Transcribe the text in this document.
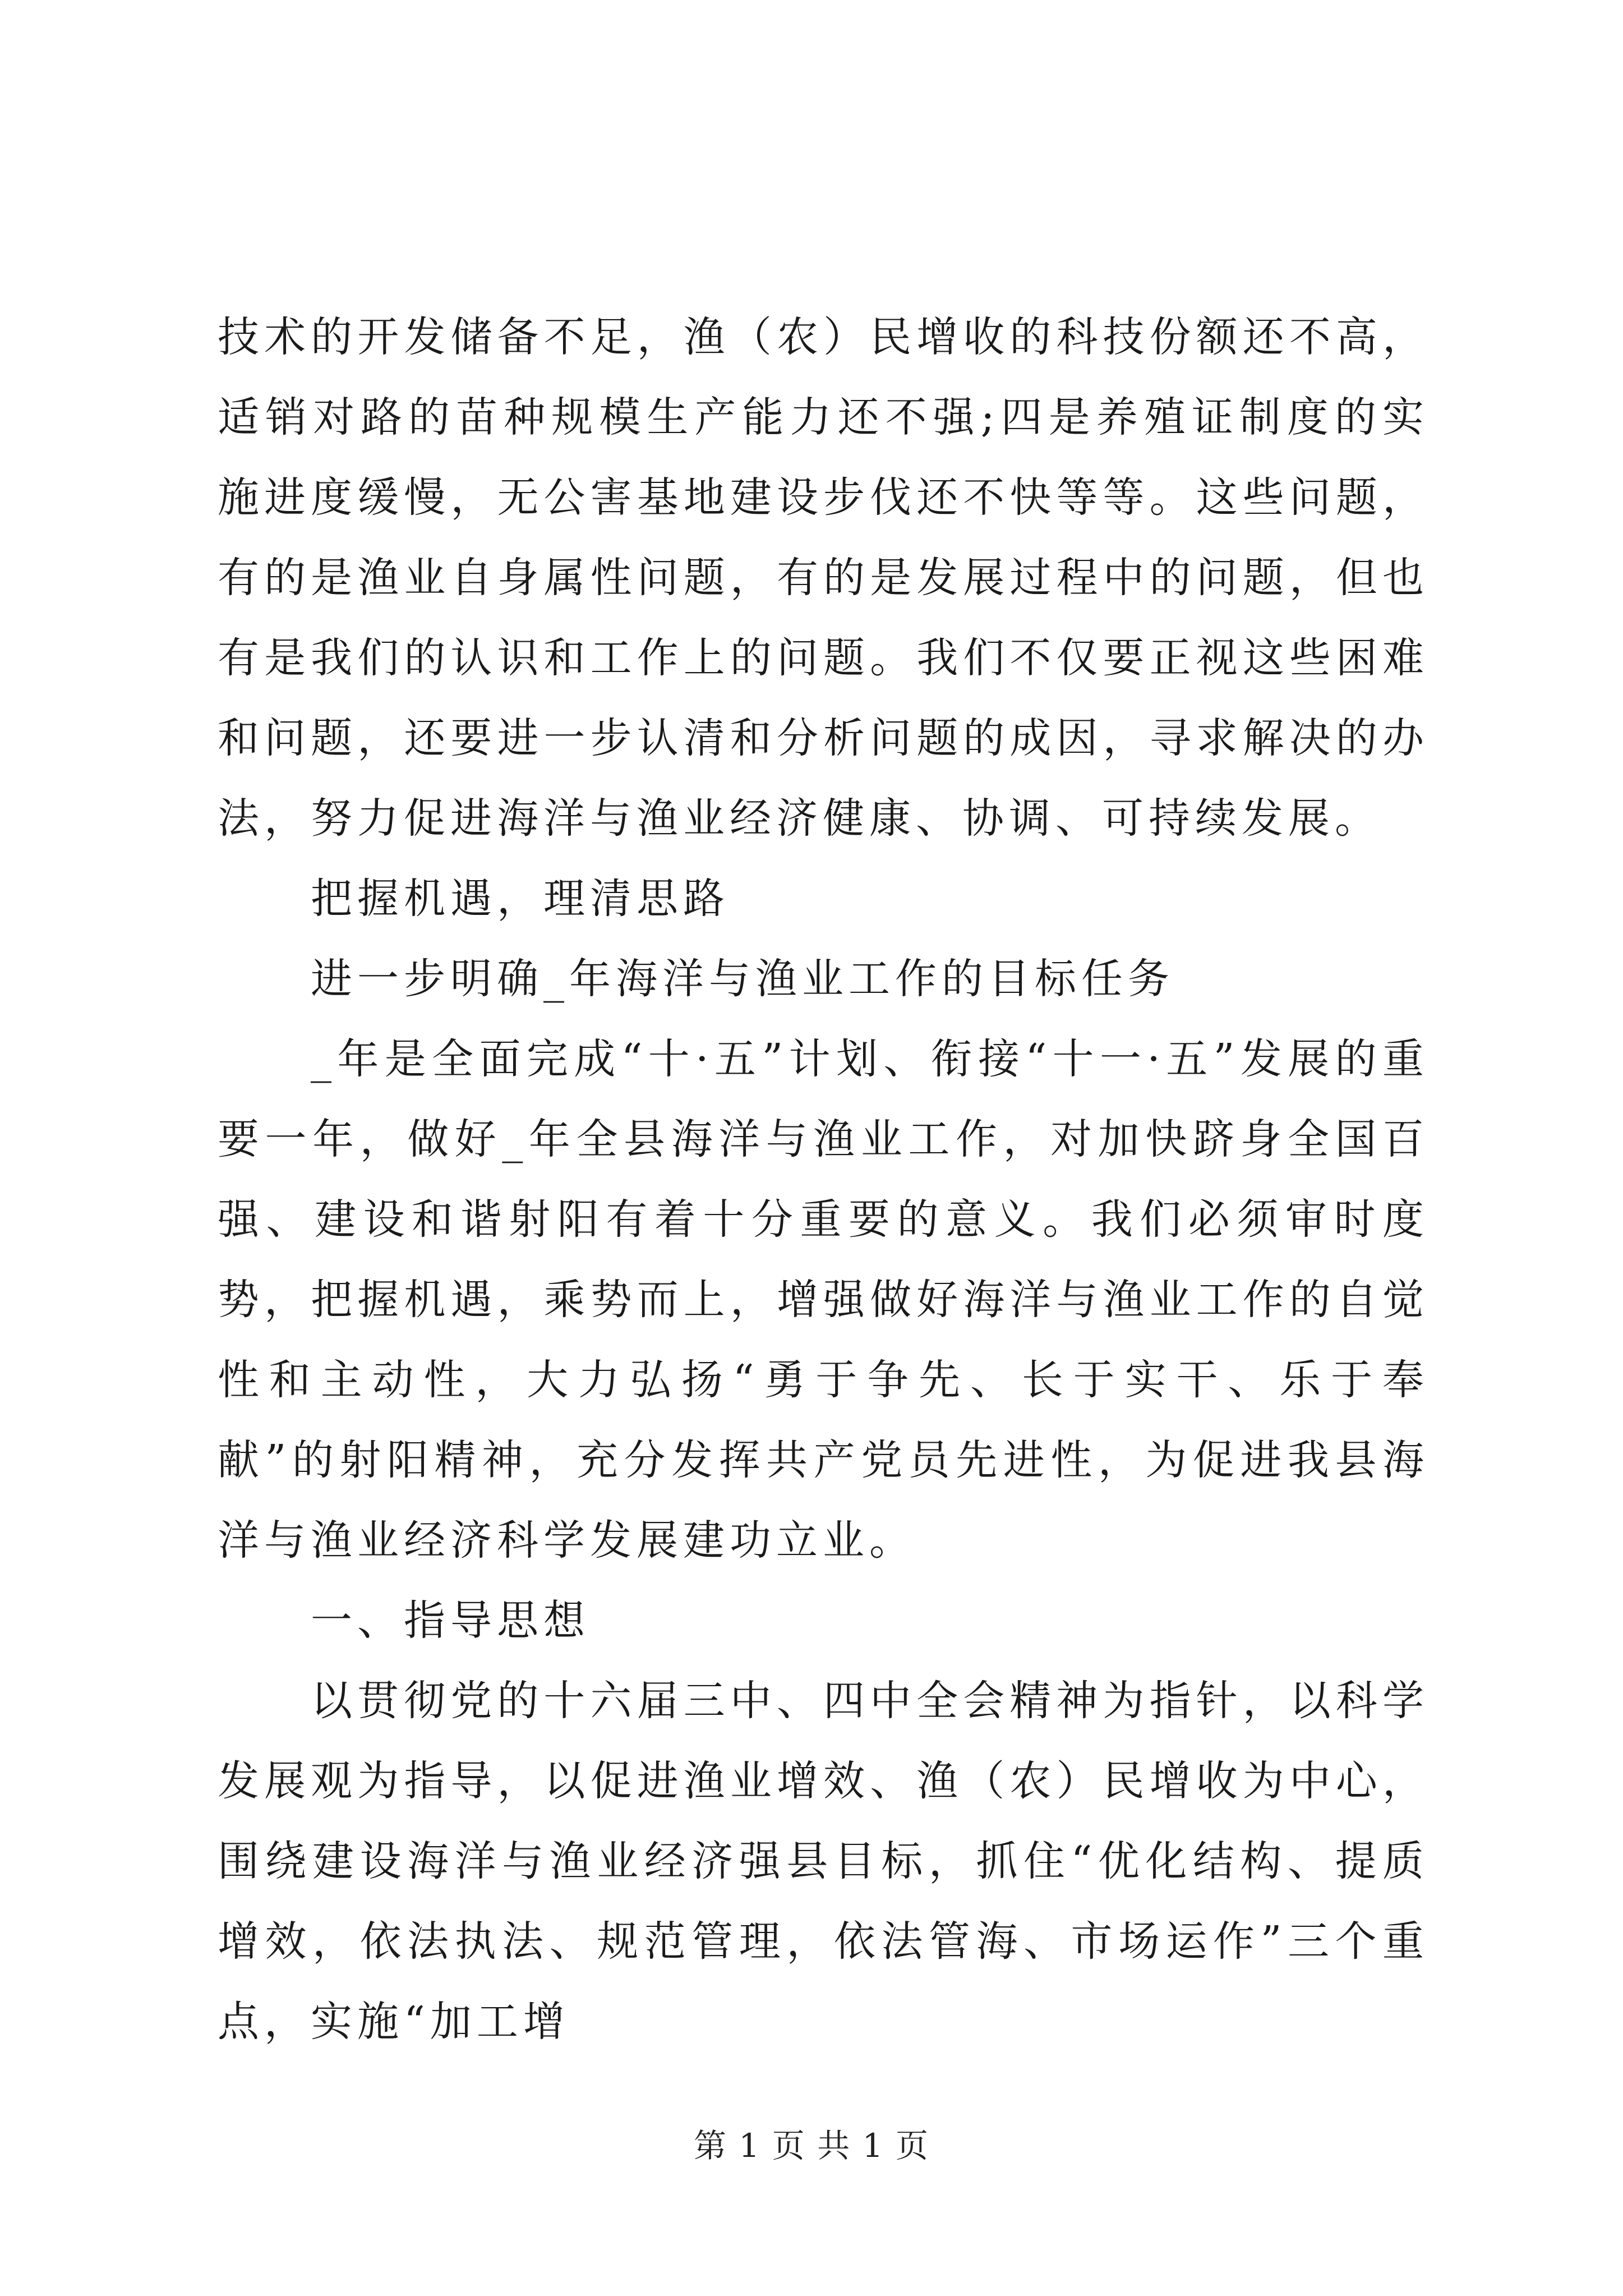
技术的开发储备不足，渔（农）民增收的科技份额还不高，适销对路的苗种规模生产能力还不强;四是养殖证制度的实施进度缓慢，无公害基地建设步伐还不快等等。这些问题，有的是渔业自身属性问题，有的是发展过程中的问题，但也有是我们的认识和工作上的问题。我们不仅要正视这些困难和问题，还要进一步认清和分析问题的成因，寻求解决的办法，努力促进海洋与渔业经济健康、协调、可持续发展。

把握机遇，理清思路

进一步明确_年海洋与渔业工作的目标任务

_年是全面完成“十·五”计划、衔接“十一·五”发展的重要一年，做好_年全县海洋与渔业工作，对加快跻身全国百强、建设和谐射阳有着十分重要的意义。我们必须审时度势，把握机遇，乘势而上，增强做好海洋与渔业工作的自觉性和主动性，大力弘扬“勇于争先、长于实干、乐于奉献”的射阳精神，充分发挥共产党员先进性，为促进我县海洋与渔业经济科学发展建功立业。

一、指导思想

以贯彻党的十六届三中、四中全会精神为指针，以科学发展观为指导，以促进渔业增效、渔（农）民增收为中心，围绕建设海洋与渔业经济强县目标，抓住“优化结构、提质增效，依法执法、规范管理，依法管海、市场运作”三个重点，实施“加工增

第 1 页 共 1 页
